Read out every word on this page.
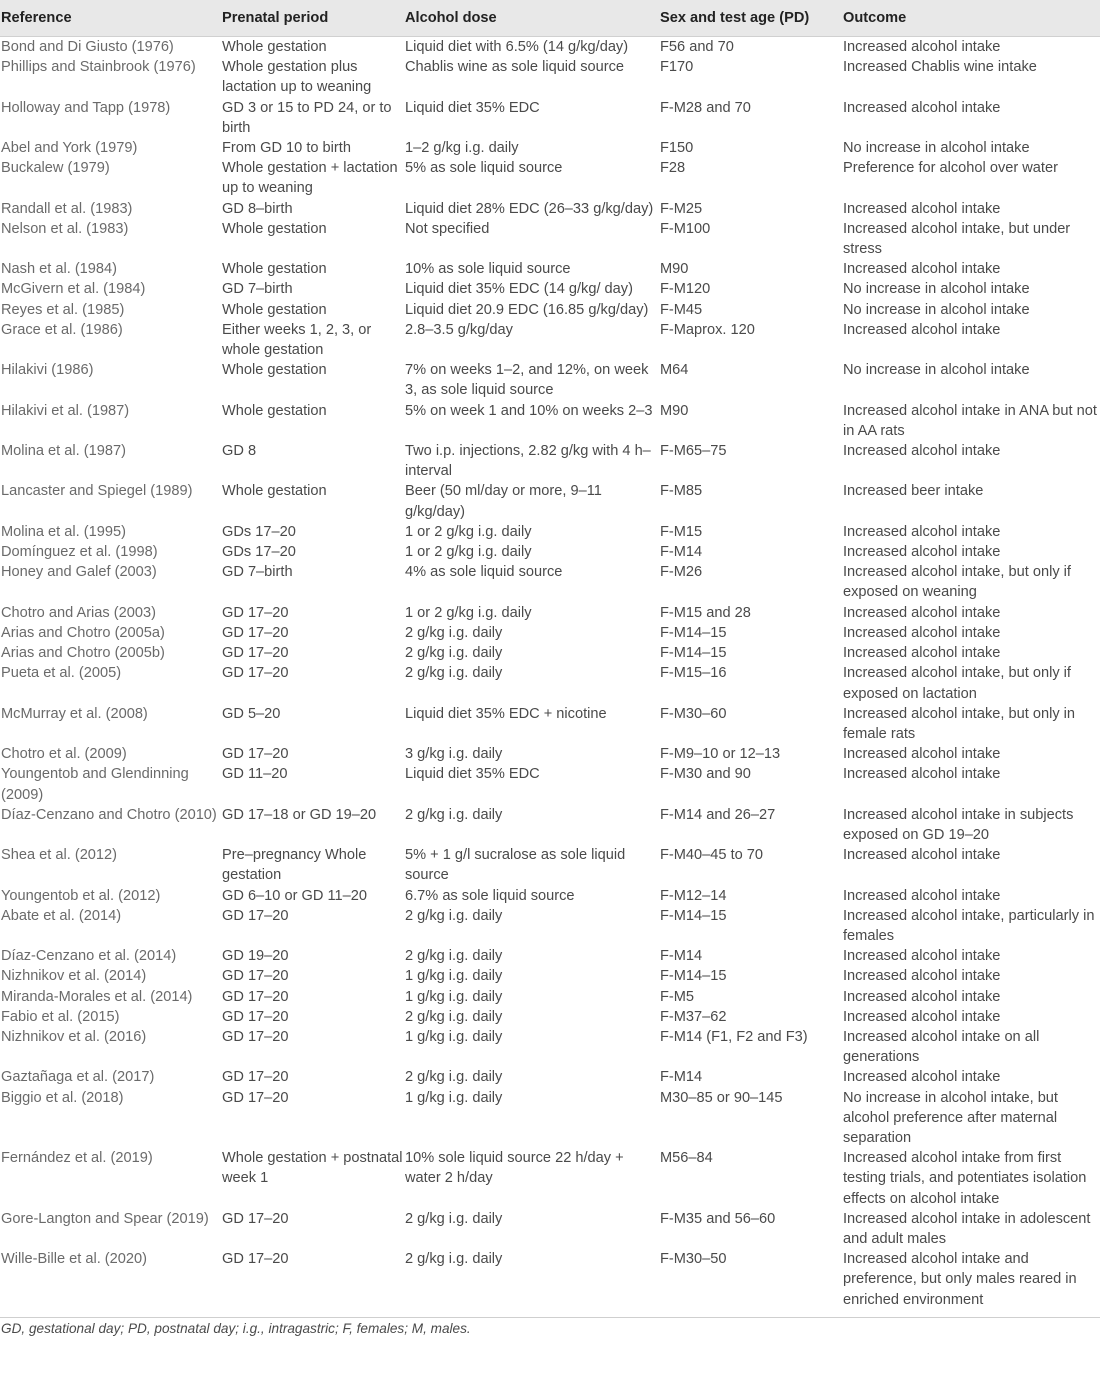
Reference	Prenatal period	Alcohol dose	Sex and test age (PD)	Outcome
Bond and Di Giusto (1976)	Whole gestation	Liquid diet with 6.5% (14 g/kg/day)	F56 and 70	Increased alcohol intake
Phillips and Stainbrook (1976)	Whole gestation plus lactation up to weaning	Chablis wine as sole liquid source	F170	Increased Chablis wine intake
Holloway and Tapp (1978)	GD 3 or 15 to PD 24, or to birth	Liquid diet 35% EDC	F-M28 and 70	Increased alcohol intake
Abel and York (1979)	From GD 10 to birth	1–2 g/kg i.g. daily	F150	No increase in alcohol intake
Buckalew (1979)	Whole gestation + lactation up to weaning	5% as sole liquid source	F28	Preference for alcohol over water
Randall et al. (1983)	GD 8–birth	Liquid diet 28% EDC (26–33 g/kg/day)	F-M25	Increased alcohol intake
Nelson et al. (1983)	Whole gestation	Not specified	F-M100	Increased alcohol intake, but under stress
Nash et al. (1984)	Whole gestation	10% as sole liquid source	M90	Increased alcohol intake
McGivern et al. (1984)	GD 7–birth	Liquid diet 35% EDC (14 g/kg/ day)	F-M120	No increase in alcohol intake
Reyes et al. (1985)	Whole gestation	Liquid diet 20.9 EDC (16.85 g/kg/day)	F-M45	No increase in alcohol intake
Grace et al. (1986)	Either weeks 1, 2, 3, or whole gestation	2.8–3.5 g/kg/day	F-Maprox. 120	Increased alcohol intake
Hilakivi (1986)	Whole gestation	7% on weeks 1–2, and 12%, on week 3, as sole liquid source	M64	No increase in alcohol intake
Hilakivi et al. (1987)	Whole gestation	5% on week 1 and 10% on weeks 2–3	M90	Increased alcohol intake in ANA but not in AA rats
Molina et al. (1987)	GD 8	Two i.p. injections, 2.82 g/kg with 4 h–interval	F-M65–75	Increased alcohol intake
Lancaster and Spiegel (1989)	Whole gestation	Beer (50 ml/day or more, 9–11 g/kg/day)	F-M85	Increased beer intake
Molina et al. (1995)	GDs 17–20	1 or 2 g/kg i.g. daily	F-M15	Increased alcohol intake
Domínguez et al. (1998)	GDs 17–20	1 or 2 g/kg i.g. daily	F-M14	Increased alcohol intake
Honey and Galef (2003)	GD 7–birth	4% as sole liquid source	F-M26	Increased alcohol intake, but only if exposed on weaning
Chotro and Arias (2003)	GD 17–20	1 or 2 g/kg i.g. daily	F-M15 and 28	Increased alcohol intake
Arias and Chotro (2005a)	GD 17–20	2 g/kg i.g. daily	F-M14–15	Increased alcohol intake
Arias and Chotro (2005b)	GD 17–20	2 g/kg i.g. daily	F-M14–15	Increased alcohol intake
Pueta et al. (2005)	GD 17–20	2 g/kg i.g. daily	F-M15–16	Increased alcohol intake, but only if exposed on lactation
McMurray et al. (2008)	GD 5–20	Liquid diet 35% EDC + nicotine	F-M30–60	Increased alcohol intake, but only in female rats
Chotro et al. (2009)	GD 17–20	3 g/kg i.g. daily	F-M9–10 or 12–13	Increased alcohol intake
Youngentob and Glendinning (2009)	GD 11–20	Liquid diet 35% EDC	F-M30 and 90	Increased alcohol intake
Díaz-Cenzano and Chotro (2010)	GD 17–18 or GD 19–20	2 g/kg i.g. daily	F-M14 and 26–27	Increased alcohol intake in subjects exposed on GD 19–20
Shea et al. (2012)	Pre–pregnancy Whole gestation	5% + 1 g/l sucralose as sole liquid source	F-M40–45 to 70	Increased alcohol intake
Youngentob et al. (2012)	GD 6–10 or GD 11–20	6.7% as sole liquid source	F-M12–14	Increased alcohol intake
Abate et al. (2014)	GD 17–20	2 g/kg i.g. daily	F-M14–15	Increased alcohol intake, particularly in females
Díaz-Cenzano et al. (2014)	GD 19–20	2 g/kg i.g. daily	F-M14	Increased alcohol intake
Nizhnikov et al. (2014)	GD 17–20	1 g/kg i.g. daily	F-M14–15	Increased alcohol intake
Miranda-Morales et al. (2014)	GD 17–20	1 g/kg i.g. daily	F-M5	Increased alcohol intake
Fabio et al. (2015)	GD 17–20	2 g/kg i.g. daily	F-M37–62	Increased alcohol intake
Nizhnikov et al. (2016)	GD 17–20	1 g/kg i.g. daily	F-M14 (F1, F2 and F3)	Increased alcohol intake on all generations
Gaztañaga et al. (2017)	GD 17–20	2 g/kg i.g. daily	F-M14	Increased alcohol intake
Biggio et al. (2018)	GD 17–20	1 g/kg i.g. daily	M30–85 or 90–145	No increase in alcohol intake, but alcohol preference after maternal separation
Fernández et al. (2019)	Whole gestation + postnatal week 1	10% sole liquid source 22 h/day + water 2 h/day	M56–84	Increased alcohol intake from first testing trials, and potentiates isolation effects on alcohol intake
Gore-Langton and Spear (2019)	GD 17–20	2 g/kg i.g. daily	F-M35 and 56–60	Increased alcohol intake in adolescent and adult males
Wille-Bille et al. (2020)	GD 17–20	2 g/kg i.g. daily	F-M30–50	Increased alcohol intake and preference, but only males reared in enriched environment
GD, gestational day; PD, postnatal day; i.g., intragastric; F, females; M, males.
